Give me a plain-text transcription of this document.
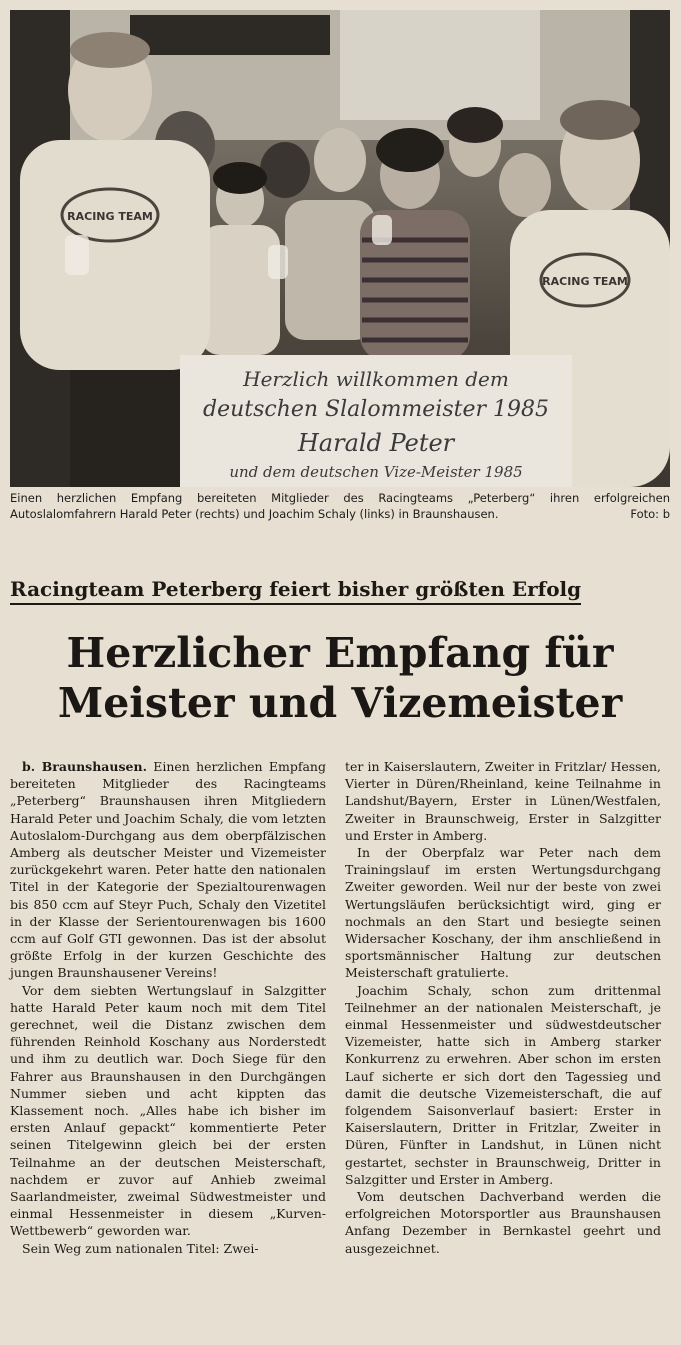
RACING TEAM
RACING TEAM
Herzlich willkommen dem
deutschen Slalommeister 1985
Harald Peter
und dem deutschen Vize-Meister 1985
Einen herzlichen Empfang bereiteten Mitglieder des Racingteams „Peterberg“ ihren erfolgreichen Autoslalomfahrern Harald Peter (rechts) und Joachim Schaly (links) in Braunshausen.	Foto: b
Racingteam Peterberg feiert bisher größten Erfolg
Herzlicher Empfang für
Meister und Vizemeister

b. Braunshausen. Einen herzlichen Empfang bereiteten Mitglieder des Racingteams „Peterberg“ Braunshausen ihren Mitgliedern Harald Peter und Joachim Schaly, die vom letzten Autoslalom-Durchgang aus dem oberpfälzischen Amberg als deutscher Meister und Vizemeister zurückgekehrt waren. Peter hatte den nationalen Titel in der Kategorie der Spezialtourenwagen bis 850 ccm auf Steyr Puch, Schaly den Vizetitel in der Klasse der Serientourenwagen bis 1600 ccm auf Golf GTI gewonnen. Das ist der absolut größte Erfolg in der kurzen Geschichte des jungen Braunshausener Vereins!

Vor dem siebten Wertungslauf in Salzgitter hatte Harald Peter kaum noch mit dem Titel gerechnet, weil die Distanz zwischen dem führenden Reinhold Koschany aus Norderstedt und ihm zu deutlich war. Doch Siege für den Fahrer aus Braunshausen in den Durchgängen Nummer sieben und acht kippten das Klassement noch. „Alles habe ich bisher im ersten Anlauf gepackt“ kommentierte Peter seinen Titelgewinn gleich bei der ersten Teilnahme an der deutschen Meisterschaft, nachdem er zuvor auf Anhieb zweimal Saarlandmeister, zweimal Südwestmeister und einmal Hessenmeister in diesem „Kurven-Wettbewerb“ geworden war.

Sein Weg zum nationalen Titel: Zwei-

ter in Kaiserslautern, Zweiter in Fritzlar/ Hessen, Vierter in Düren/Rheinland, keine Teilnahme in Landshut/Bayern, Erster in Lünen/Westfalen, Zweiter in Braunschweig, Erster in Salzgitter und Erster in Amberg.

In der Oberpfalz war Peter nach dem Trainingslauf im ersten Wertungsdurchgang Zweiter geworden. Weil nur der beste von zwei Wertungsläufen berücksichtigt wird, ging er nochmals an den Start und besiegte seinen Widersacher Koschany, der ihm anschließend in sportsmännischer Haltung zur deutschen Meisterschaft gratulierte.

Joachim Schaly, schon zum drittenmal Teilnehmer an der nationalen Meisterschaft, je einmal Hessenmeister und südwestdeutscher Vizemeister, hatte sich in Amberg starker Konkurrenz zu erwehren. Aber schon im ersten Lauf sicherte er sich dort den Tagessieg und damit die deutsche Vizemeisterschaft, die auf folgendem Saisonverlauf basiert: Erster in Kaiserslautern, Dritter in Fritzlar, Zweiter in Düren, Fünfter in Landshut, in Lünen nicht gestartet, sechster in Braunschweig, Dritter in Salzgitter und Erster in Amberg.

Vom deutschen Dachverband werden die erfolgreichen Motorsportler aus Braunshausen Anfang Dezember in Bernkastel geehrt und ausgezeichnet.
